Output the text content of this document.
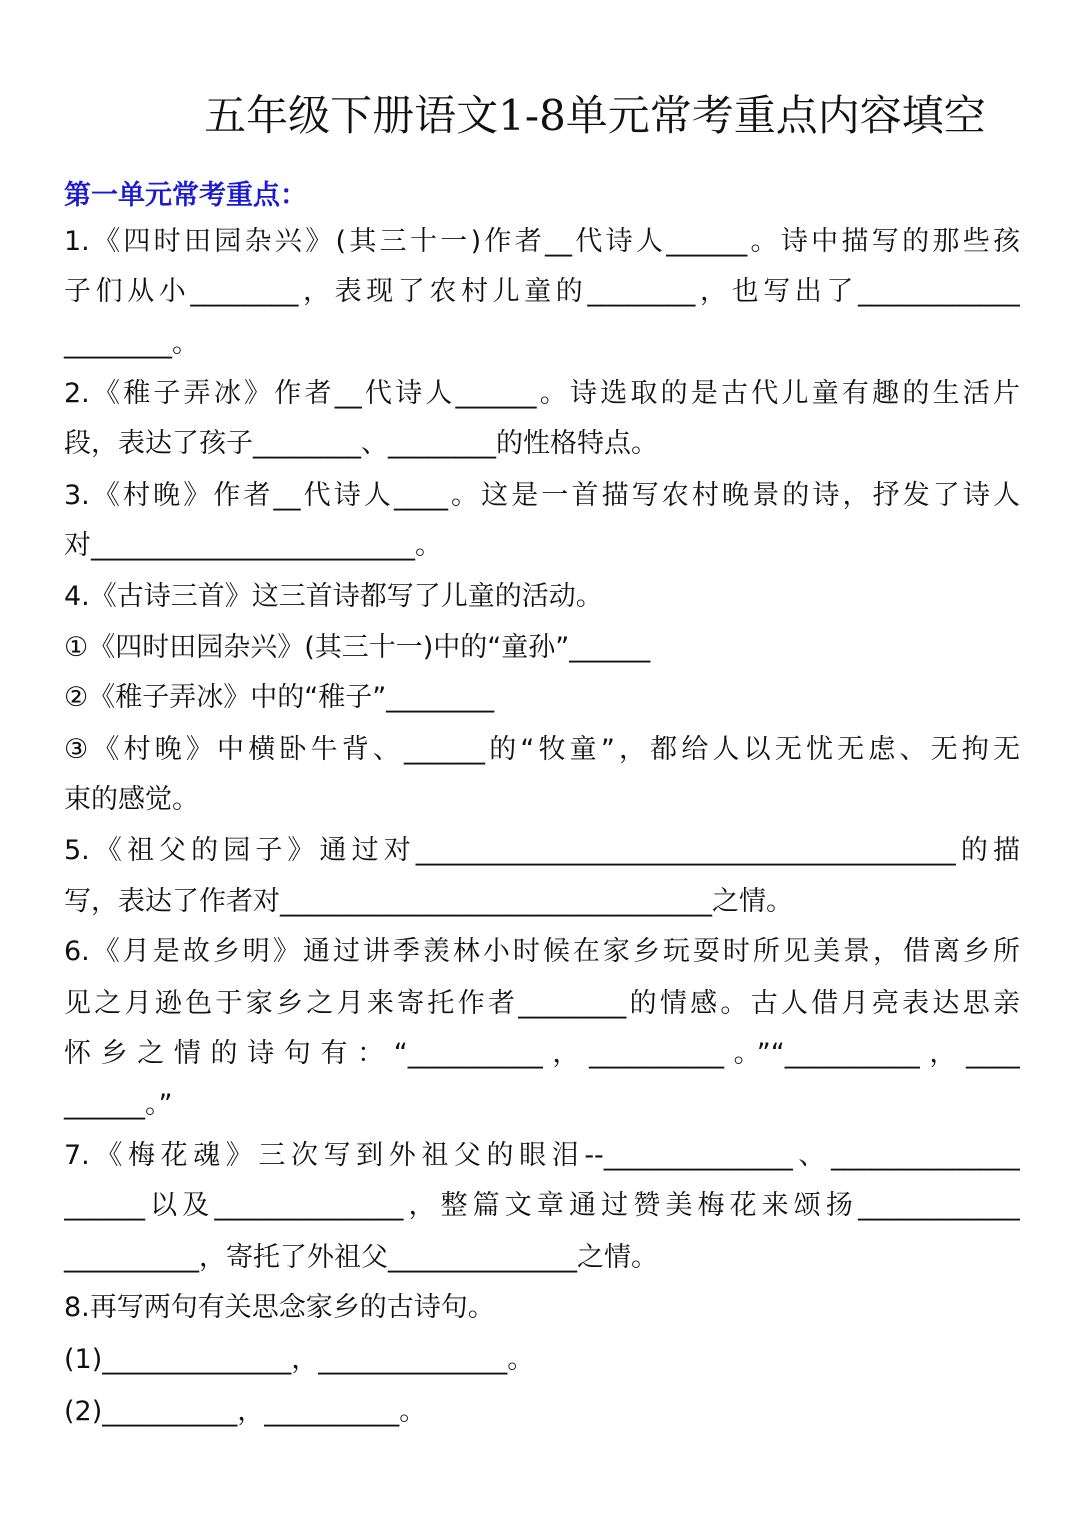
五年级下册语文1-8单元常考重点内容填空
第一单元常考重点：
1.《四时田园杂兴》(其三十一)作者__代诗人______。诗中描写的那些孩
子们从小________，表现了农村儿童的________，也写出了____________
________。
2.《稚子弄冰》作者__代诗人______。诗选取的是古代儿童有趣的生活片
段，表达了孩子________、________的性格特点。
3.《村晚》作者__代诗人____。这是一首描写农村晚景的诗，抒发了诗人
对________________________。
4.《古诗三首》这三首诗都写了儿童的活动。
①《四时田园杂兴》(其三十一)中的“童孙”______
②《稚子弄冰》中的“稚子”________
③《村晚》中横卧牛背、______的“牧童”，都给人以无忧无虑、无拘无
束的感觉。
5.《祖父的园子》通过对________________________________________的描
写，表达了作者对________________________________之情。
6.《月是故乡明》通过讲季羡林小时候在家乡玩耍时所见美景，借离乡所
见之月逊色于家乡之月来寄托作者________的情感。古人借月亮表达思亲
怀乡之情的诗句有：“__________，__________。”“__________，____
______。”
7.《梅花魂》三次写到外祖父的眼泪--______________、______________
______以及______________，整篇文章通过赞美梅花来颂扬____________
__________，寄托了外祖父______________之情。
8.再写两句有关思念家乡的古诗句。
(1)______________，______________。
(2)__________，__________。
